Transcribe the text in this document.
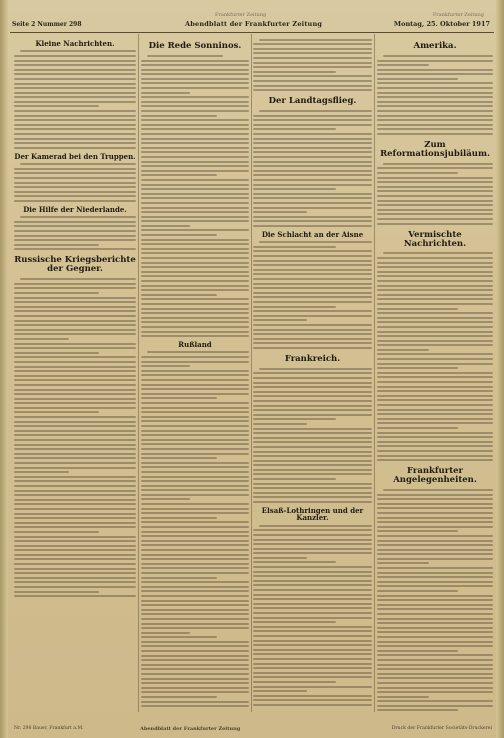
Seite 2 Nummer 298
Frankfurter Zeitung
Abendblatt der Frankfurter Zeitung
Frankfurter Zeitung
Montag, 25. Oktober 1917
Kleine Nachrichten.
Der Kamerad bei den Truppen.
Die Hilfe der Niederlande.
Russische Kriegsberichte der Gegner.
Die Rede Sonninos.
Rußland
Der Landtagsflieg.
Die Schlacht an der Aisne
Frankreich.
Elsaß-Lothringen und der Kanzler.
Amerika.
Zum Reformationsjubiläum.
Vermischte Nachrichten.
Frankfurter Angelegenheiten.
Nr. 298 Bauer, Frankfurt a.M.	Abendblatt der Frankfurter Zeitung	Druck der Frankfurter Societäts-Druckerei
